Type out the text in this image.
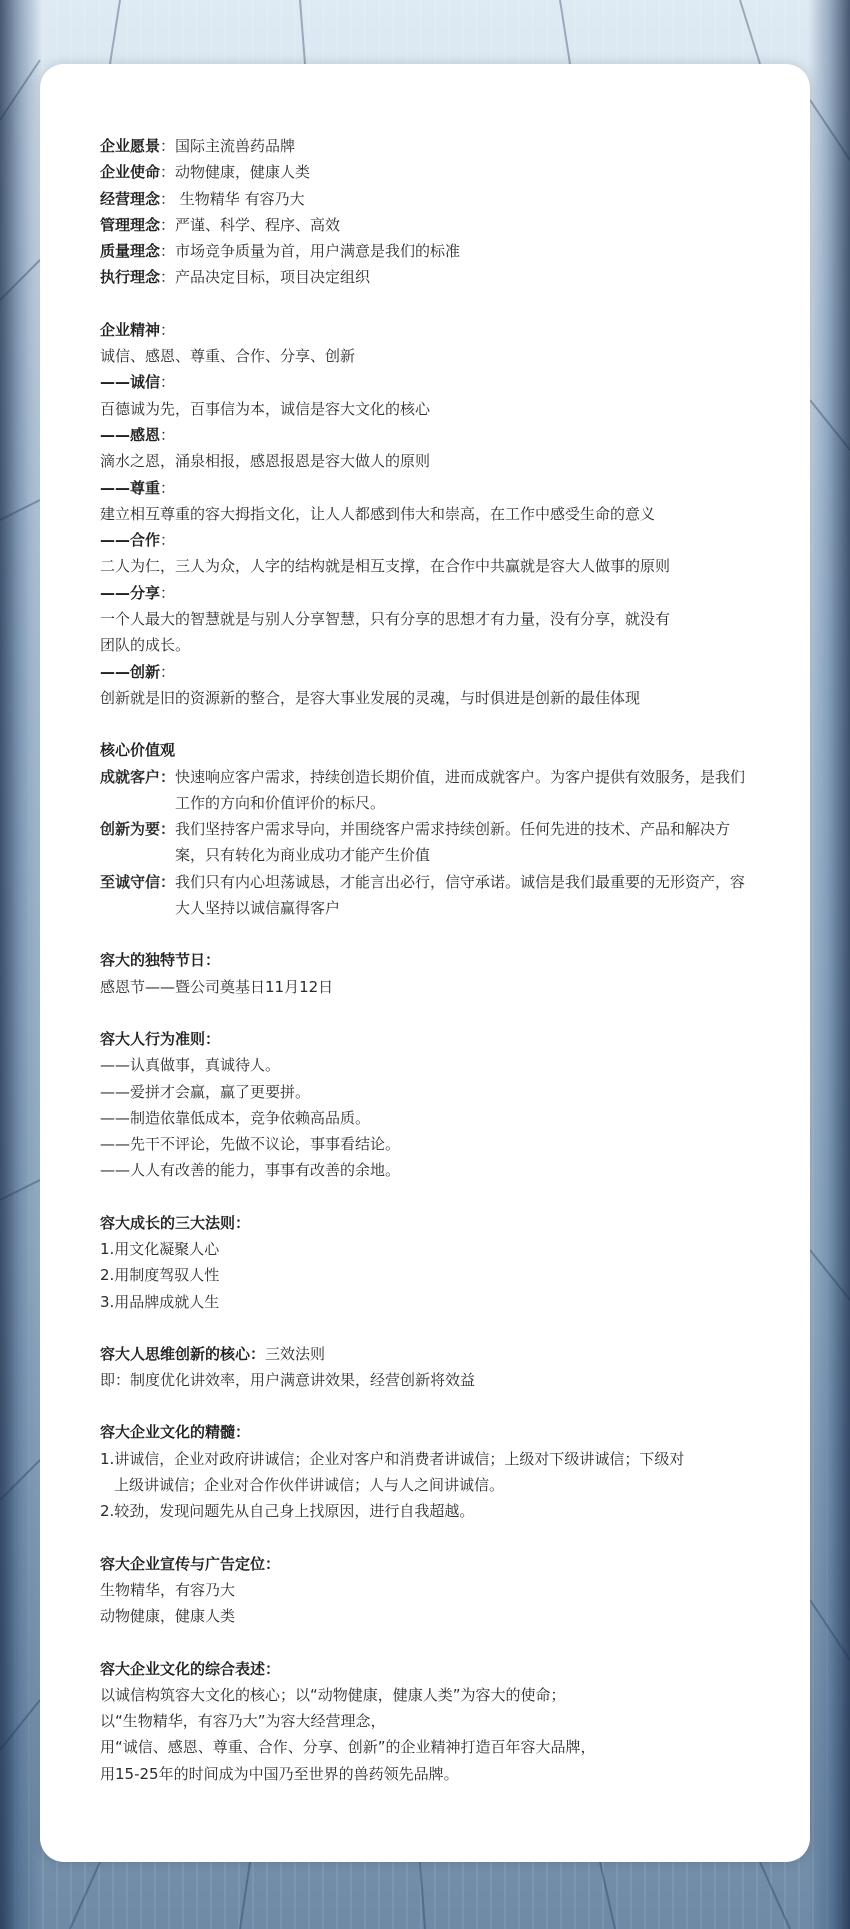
企业愿景：国际主流兽药品牌
企业使命：动物健康，健康人类
经营理念： 生物精华 有容乃大
管理理念：严谨、科学、程序、高效
质量理念：市场竞争质量为首，用户满意是我们的标准
执行理念：产品决定目标，项目决定组织
企业精神：
诚信、感恩、尊重、合作、分享、创新
——诚信：
百德诚为先，百事信为本，诚信是容大文化的核心
——感恩：
滴水之恩，涌泉相报，感恩报恩是容大做人的原则
——尊重：
建立相互尊重的容大拇指文化，让人人都感到伟大和崇高，在工作中感受生命的意义
——合作：
二人为仁，三人为众，人字的结构就是相互支撑，在合作中共赢就是容大人做事的原则
——分享：
一个人最大的智慧就是与别人分享智慧，只有分享的思想才有力量，没有分享，就没有
团队的成长。
——创新：
创新就是旧的资源新的整合，是容大事业发展的灵魂，与时俱进是创新的最佳体现
核心价值观
成就客户： 快速响应客户需求，持续创造长期价值，进而成就客户。为客户提供有效服务，是我们工作的方向和价值评价的标尺。
创新为要： 我们坚持客户需求导向，并围绕客户需求持续创新。任何先进的技术、产品和解决方案，只有转化为商业成功才能产生价值
至诚守信： 我们只有内心坦荡诚恳，才能言出必行，信守承诺。诚信是我们最重要的无形资产，容大人坚持以诚信赢得客户
容大的独特节日：
感恩节——暨公司奠基日11月12日
容大人行为准则：
——认真做事，真诚待人。
——爱拼才会赢，赢了更要拼。
——制造依靠低成本，竞争依赖高品质。
——先干不评论，先做不议论，事事看结论。
——人人有改善的能力，事事有改善的余地。
容大成长的三大法则：
1.用文化凝聚人心
2.用制度驾驭人性
3.用品牌成就人生
容大人思维创新的核心：三效法则
即：制度优化讲效率，用户满意讲效果，经营创新将效益
容大企业文化的精髓：
1.讲诚信，企业对政府讲诚信；企业对客户和消费者讲诚信；上级对下级讲诚信；下级对
上级讲诚信；企业对合作伙伴讲诚信；人与人之间讲诚信。
2.较劲，发现问题先从自己身上找原因，进行自我超越。
容大企业宣传与广告定位：
生物精华，有容乃大
动物健康，健康人类
容大企业文化的综合表述：
以诚信构筑容大文化的核心；以“动物健康，健康人类”为容大的使命；
以“生物精华，有容乃大”为容大经营理念，
用“诚信、感恩、尊重、合作、分享、创新”的企业精神打造百年容大品牌，
用15-25年的时间成为中国乃至世界的兽药领先品牌。
